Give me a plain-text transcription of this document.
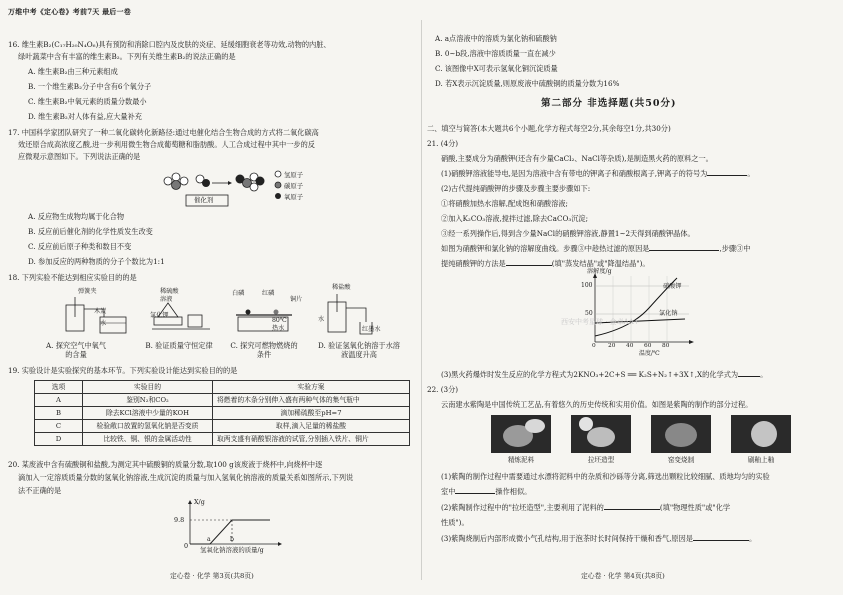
万维中考《定心卷》考前7天 最后一卷
16. 维生素B₂(C₁₇H₂₀N₄O₆)具有预防和消除口腔内及皮肤的炎症、延缓细胞衰老等功效,动物的内脏、
绿叶蔬菜中含有丰富的维生素B₂。下列有关维生素B₂的说法正确的是
A. 维生素B₂由三种元素组成
B. 一个维生素B₂分子中含有6个氧分子
C. 维生素B₂中氧元素的质量分数最小
D. 维生素B₂对人体有益,应大量补充
17. 中国科学家团队研究了一种二氧化碳转化新路径:通过电催化结合生物合成的方式将二氧化碳高
效还原合成高浓度乙酸,进一步利用微生物合成葡萄糖和脂肪酸。人工合成过程中其中一步的反
应微观示意图如下。下列说法正确的是
催化剂
氢原子
碳原子
氧原子
A. 反应物生成物均属于化合物
B. 反应前后催化剂的化学性质发生改变
C. 反应前后原子种类和数目不变
D. 参加反应的两种物质的分子个数比为1:1
18. 下列实验不能达到相应实验目的的是
弹簧夹
木炭
水
稀硫酸
溶液
氯化钾
白磷	红磷
铜片
80℃
热水
稀盐酸
水
红墨水
A. 探究空气中氧气的含量
B. 验证质量守恒定律	C. 探究可燃物燃烧的条件
D. 验证氢氧化钠溶于水溶液温度升高
19. 实验设计是实验探究的基本环节。下列实验设计能达到实验目的的是
选项	实验目的	实验方案
A	鉴别N₂和CO₂	将燃着的木条分别伸入盛有两种气体的集气瓶中
B	除去KCl溶液中少量的KOH	滴加稀硫酸至pH=7
C	检验敞口放置的氢氧化钠是否变质	取样,滴入足量的稀盐酸
D	比较铁、铜、银的金属活动性	取两支盛有硝酸银溶液的试管,分别插入铁片、铜片
20. 某废液中含有硫酸铜和盐酸,为测定其中硫酸铜的质量分数,取100 g该废液于烧杯中,向烧杯中逐
滴加入一定溶质质量分数的氢氧化钠溶液,生成沉淀的质量与加入氢氧化钠溶液的质量关系如图所示,下列说
法不正确的是
X/g
9.8
0
a	b
氢氧化钠溶液的质量/g
定心卷 · 化学 第3页(共8页)
A. a点溶液中的溶质为氯化钠和硫酸钠
B. 0~b段,溶液中溶质质量一直在减少
C. 该图像中X可表示氢氧化铜沉淀质量
D. 若X表示沉淀质量,则原废液中硫酸铜的质量分数为16%
第二部分 非选择题(共50分)
二、填空与简答(本大题共6个小题,化学方程式每空2分,其余每空1分,共30分)
21. (4分)
硝酸,主要成分为硝酸钾(还含有少量CaCl₂、NaCl等杂质),是制造黑火药的原料之一。
(1)硝酸钾溶液能导电,是因为溶液中含有带电的钾离子和硝酸根离子,钾离子的符号为	。
(2)古代提纯硝酸钾的步骤及步骤主要步骤如下:
①将硝酸加热水溶解,配成饱和硝酸溶液;
②加入K₂CO₃溶液,搅拌过滤,除去CaCO₃沉淀;
③经一系列操作后,得到含少量NaCl的硝酸钾溶液,静置1~2天得到硝酸钾晶体。
如图为硝酸钾和氯化钠的溶解度曲线。步骤③中趁热过滤的原因是	,步骤③中
提纯硝酸钾的方法是	(填"蒸发结晶"或"降温结晶")。
溶解度/g
100
50
0 20 40 60 80
温度/℃
硝酸钾
氯化钠
西安中考星球 · 金卓AA+
(3)黑火药爆炸时发生反应的化学方程式为2KNO₃+2C+S ══ K₂S+N₂↑+3X↑,X的化学式为	。
22. (3分)
云南建水紫陶是中国传统工艺品,有着悠久的历史传统和实用价值。如图是紫陶的制作的部分过程。
精炼泥料	拉坯造型	窑变烧制	刷釉上釉
(1)紫陶的制作过程中需要通过水漂将泥料中的杂质和沙砾等分离,筛选出颗粒比较细腻、质地均匀的实验
室中	操作相似。
(2)紫陶制作过程中的"拉坯造型",主要利用了泥料的	(填"物理性质"或"化学
性质")。
(3)紫陶烧制后内部形成微小气孔结构,用于泡茶时长时间保持干燥和香气,原因是	。
定心卷 · 化学 第4页(共8页)
